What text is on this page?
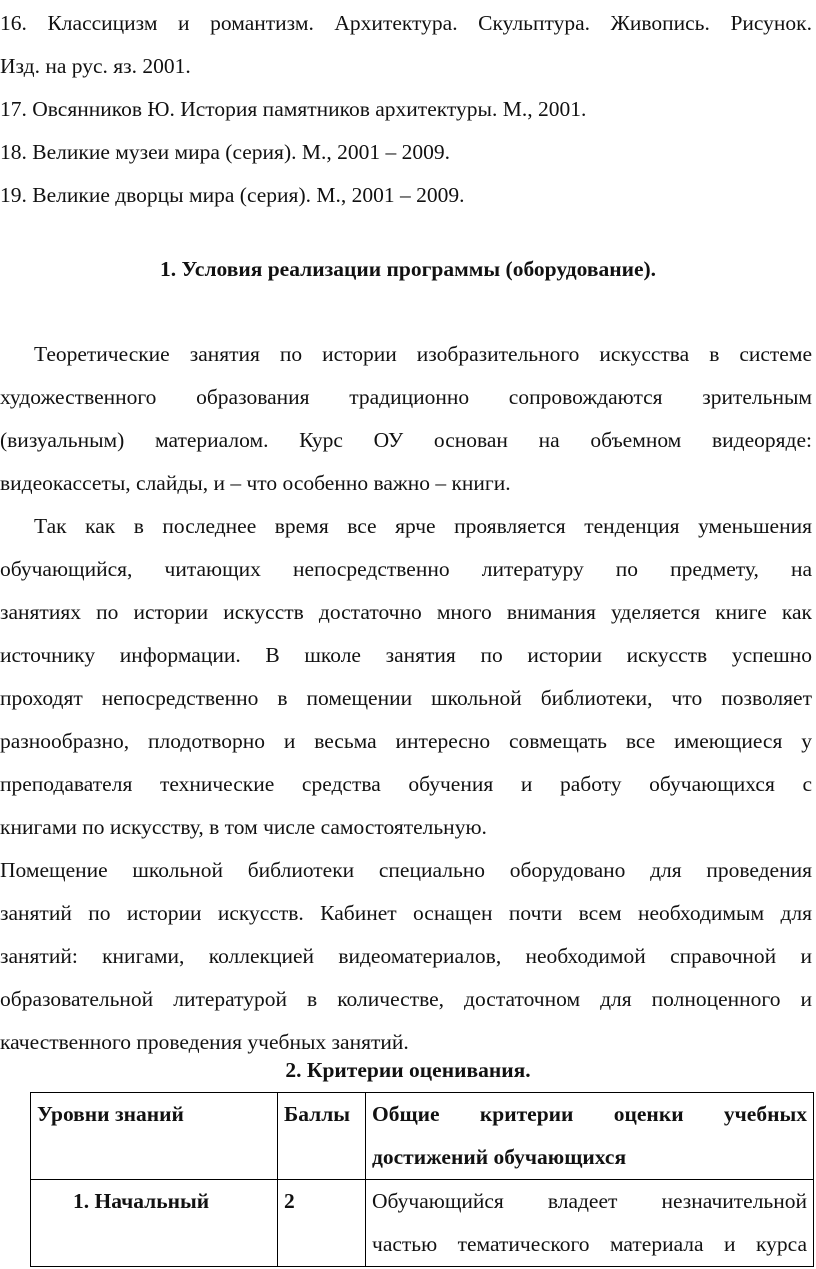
16. Классицизм и романтизм. Архитектура. Скульптура. Живопись. Рисунок.
Изд. на рус. яз. 2001.
17. Овсянников Ю. История памятников архитектуры. М., 2001.
18. Великие музеи мира (серия). М., 2001 – 2009.
19. Великие дворцы мира (серия). М., 2001 – 2009.
1. Условия реализации программы (оборудование).
Теоретические занятия по истории изобразительного искусства в системе
художественного образования традиционно сопровождаются зрительным
(визуальным) материалом. Курс ОУ основан на объемном видеоряде:
видеокассеты, слайды, и – что особенно важно – книги.
Так как в последнее время все ярче проявляется тенденция уменьшения
обучающийся, читающих непосредственно литературу по предмету, на
занятиях по истории искусств достаточно много внимания уделяется книге как
источнику информации. В школе занятия по истории искусств успешно
проходят непосредственно в помещении школьной библиотеки, что позволяет
разнообразно, плодотворно и весьма интересно совмещать все имеющиеся у
преподавателя технические средства обучения и работу обучающихся с
книгами по искусству, в том числе самостоятельную.
Помещение школьной библиотеки специально оборудовано для проведения
занятий по истории искусств. Кабинет оснащен почти всем необходимым для
занятий: книгами, коллекцией видеоматериалов, необходимой справочной и
образовательной литературой в количестве, достаточном для полноценного и
качественного проведения учебных занятий.
2. Критерии оценивания.
Уровни знаний	Баллы	Общие критерии оценки учебных
достижений обучающихся

1. Начальный	2	Обучающийся владеет незначительной
частью тематического материала и курса
